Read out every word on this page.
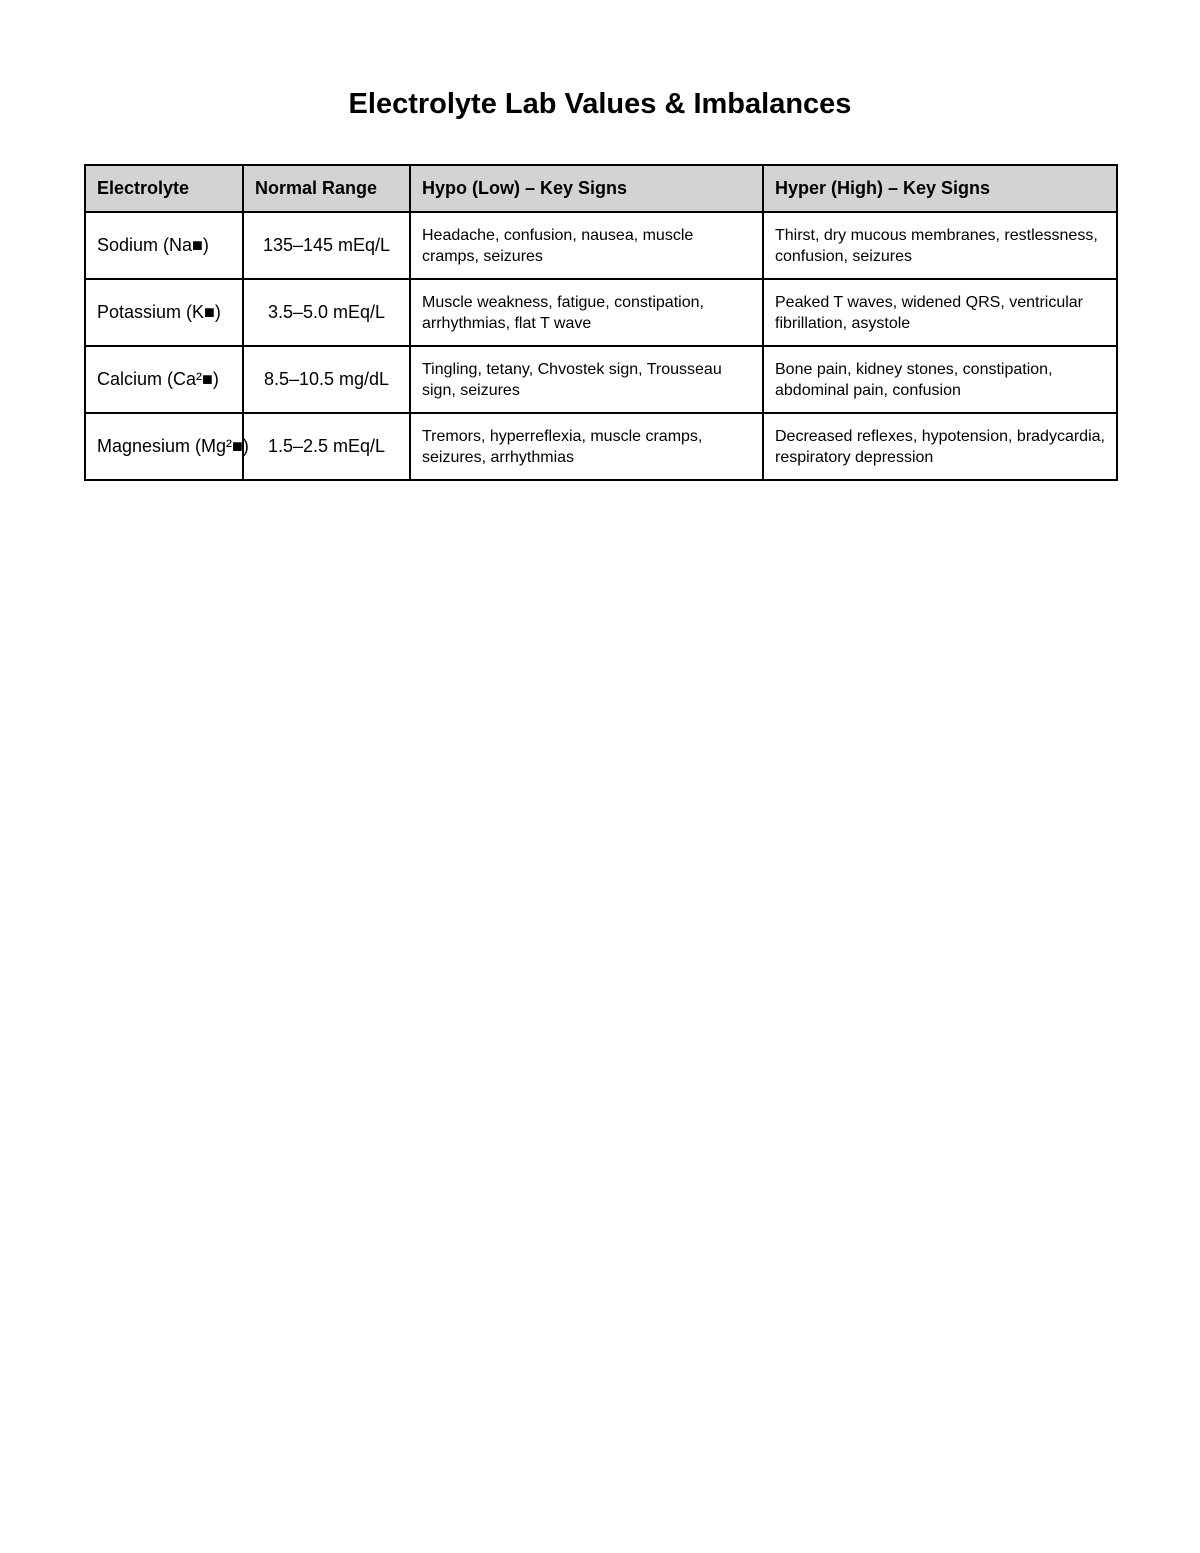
Electrolyte Lab Values & Imbalances
Electrolyte	Normal Range	Hypo (Low) – Key Signs	Hyper (High) – Key Signs
Sodium (Na■)	135–145 mEq/L	Headache, confusion, nausea, muscle cramps, seizures	Thirst, dry mucous membranes, restlessness, confusion, seizures
Potassium (K■)	3.5–5.0 mEq/L	Muscle weakness, fatigue, constipation, arrhythmias, flat T wave	Peaked T waves, widened QRS, ventricular fibrillation, asystole
Calcium (Ca²■)	8.5–10.5 mg/dL	Tingling, tetany, Chvostek sign, Trousseau sign, seizures	Bone pain, kidney stones, constipation, abdominal pain, confusion
Magnesium (Mg²■)	1.5–2.5 mEq/L	Tremors, hyperreflexia, muscle cramps, seizures, arrhythmias	Decreased reflexes, hypotension, bradycardia, respiratory depression
